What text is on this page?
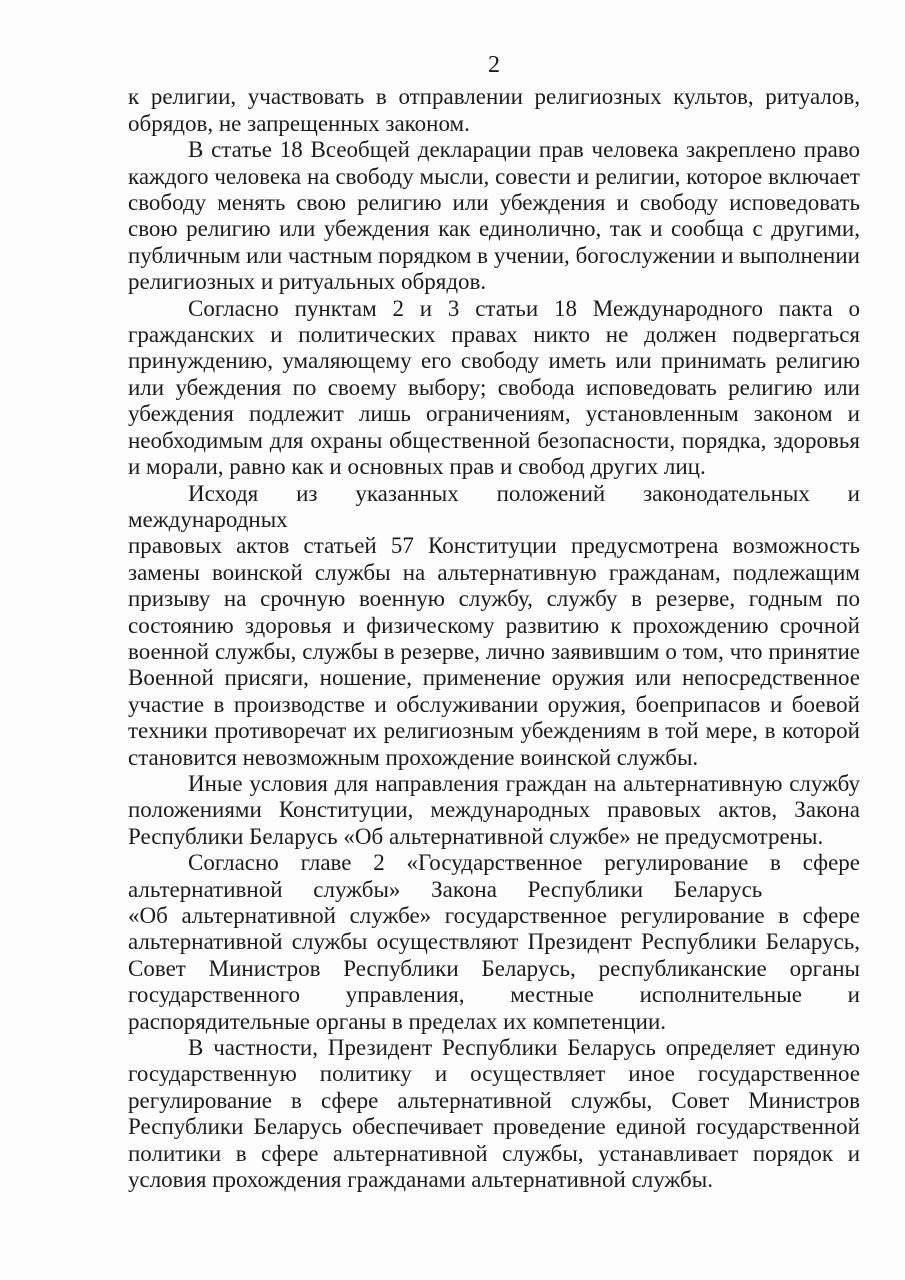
2
к религии, участвовать в отправлении религиозных культов, ритуалов,
обрядов, не запрещенных законом.
В статье 18 Всеобщей декларации прав человека закреплено право
каждого человека на свободу мысли, совести и религии, которое включает
свободу менять свою религию или убеждения и свободу исповедовать
свою религию или убеждения как единолично, так и сообща с другими,
публичным или частным порядком в учении, богослужении и выполнении
религиозных и ритуальных обрядов.
Согласно пунктам 2 и 3 статьи 18 Международного пакта о
гражданских и политических правах никто не должен подвергаться
принуждению, умаляющему его свободу иметь или принимать религию
или убеждения по своему выбору; свобода исповедовать религию или
убеждения подлежит лишь ограничениям, установленным законом и
необходимым для охраны общественной безопасности, порядка, здоровья
и морали, равно как и основных прав и свобод других лиц.
Исходя из указанных положений законодательных и международных
правовых актов статьей 57 Конституции предусмотрена возможность
замены воинской службы на альтернативную гражданам, подлежащим
призыву на срочную военную службу, службу в резерве, годным по
состоянию здоровья и физическому развитию к прохождению срочной
военной службы, службы в резерве, лично заявившим о том, что принятие
Военной присяги, ношение, применение оружия или непосредственное
участие в производстве и обслуживании оружия, боеприпасов и боевой
техники противоречат их религиозным убеждениям в той мере, в которой
становится невозможным прохождение воинской службы.
Иные условия для направления граждан на альтернативную службу
положениями Конституции, международных правовых актов, Закона
Республики Беларусь «Об альтернативной службе» не предусмотрены.
Согласно главе 2 «Государственное регулирование в сфере
альтернативной службы» Закона Республики Беларусь
«Об альтернативной службе» государственное регулирование в сфере
альтернативной службы осуществляют Президент Республики Беларусь,
Совет Министров Республики Беларусь, республиканские органы
государственного управления, местные исполнительные и
распорядительные органы в пределах их компетенции.
В частности, Президент Республики Беларусь определяет единую
государственную политику и осуществляет иное государственное
регулирование в сфере альтернативной службы, Совет Министров
Республики Беларусь обеспечивает проведение единой государственной
политики в сфере альтернативной службы, устанавливает порядок и
условия прохождения гражданами альтернативной службы.
